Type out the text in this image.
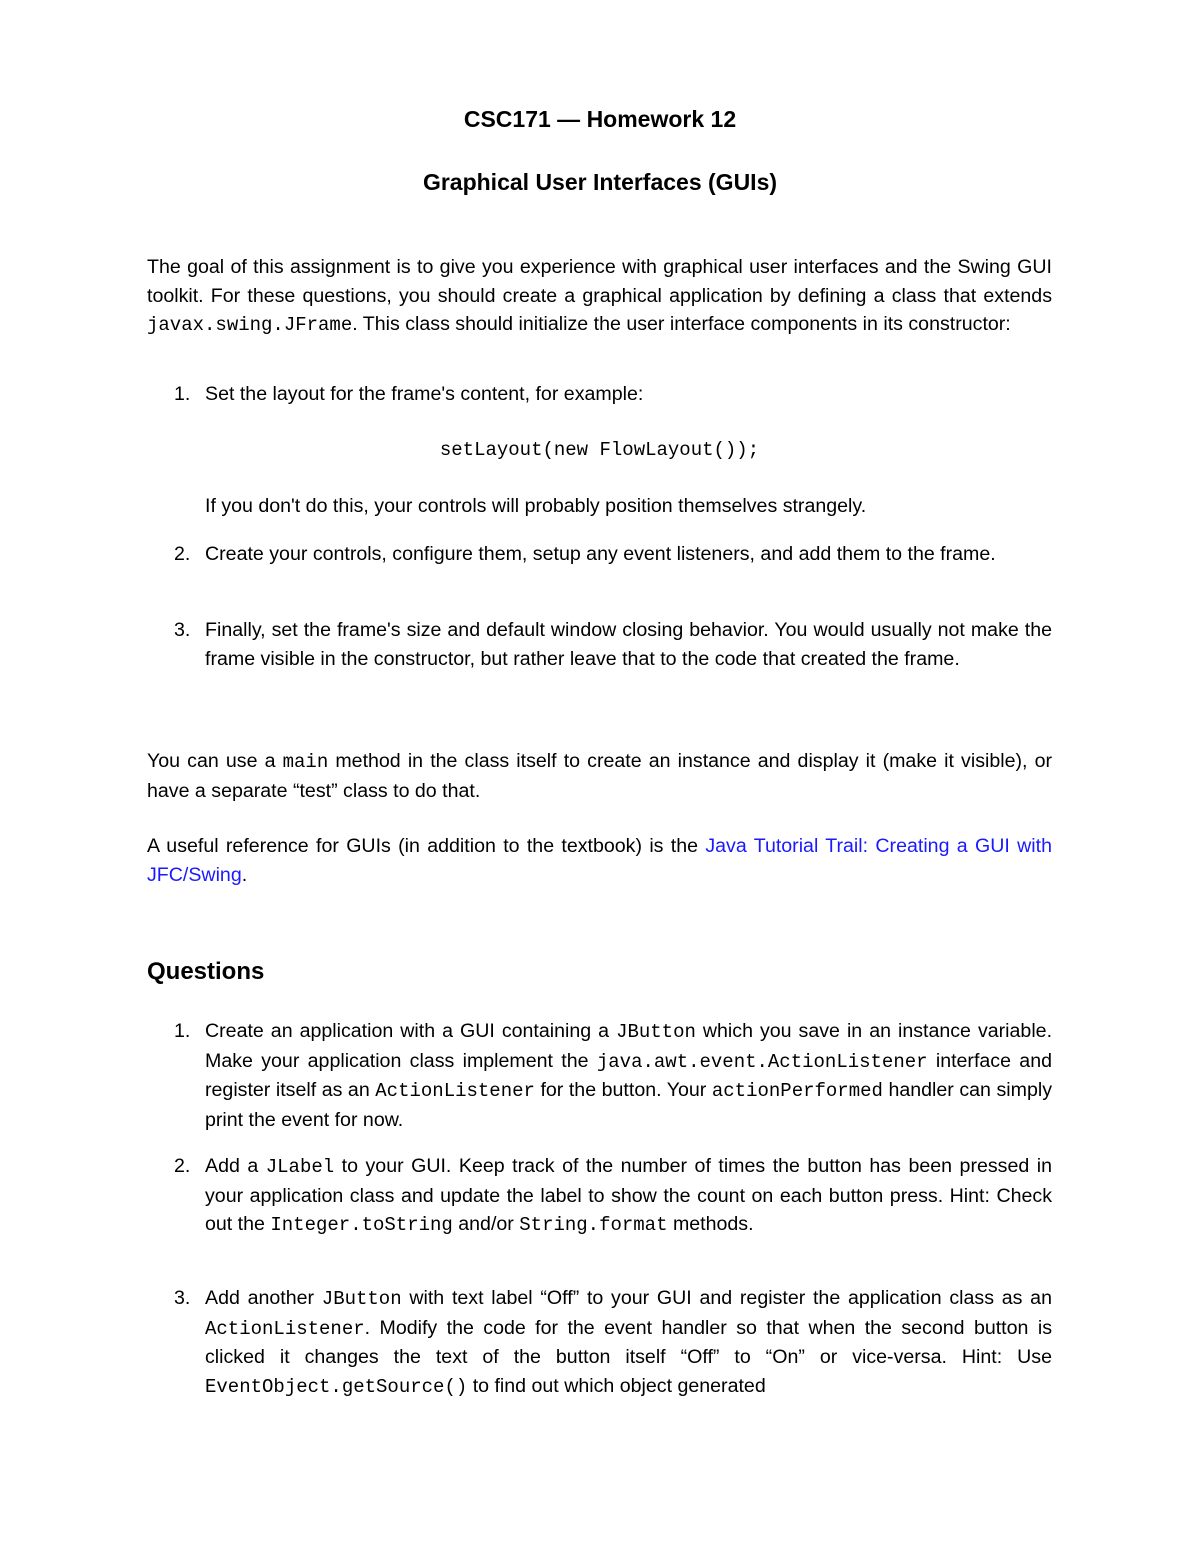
CSC171 — Homework 12
Graphical User Interfaces (GUIs)

The goal of this assignment is to give you experience with graphical user interfaces and the Swing GUI toolkit. For these questions, you should create a graphical application by defining a class that extends javax.swing.JFrame. This class should initialize the user interface components in its constructor:

1. Set the layout for the frame's content, for example:
setLayout(new FlowLayout());
If you don't do this, your controls will probably position themselves strangely.
2. Create your controls, configure them, setup any event listeners, and add them to the frame.
3. Finally, set the frame's size and default window closing behavior. You would usually not make the frame visible in the constructor, but rather leave that to the code that created the frame.

You can use a main method in the class itself to create an instance and display it (make it visible), or have a separate “test” class to do that.

A useful reference for GUIs (in addition to the textbook) is the Java Tutorial Trail: Creating a GUI with JFC/Swing.

Questions
1. Create an application with a GUI containing a JButton which you save in an instance variable. Make your application class implement the java.awt.event.ActionListener interface and register itself as an ActionListener for the button. Your actionPerformed handler can simply print the event for now.
2. Add a JLabel to your GUI. Keep track of the number of times the button has been pressed in your application class and update the label to show the count on each button press. Hint: Check out the Integer.toString and/or String.format methods.
3. Add another JButton with text label “Off” to your GUI and register the application class as an ActionListener. Modify the code for the event handler so that when the second button is clicked it changes the text of the button itself “Off” to “On” or vice-versa. Hint: Use EventObject.getSource() to find out which object generated
